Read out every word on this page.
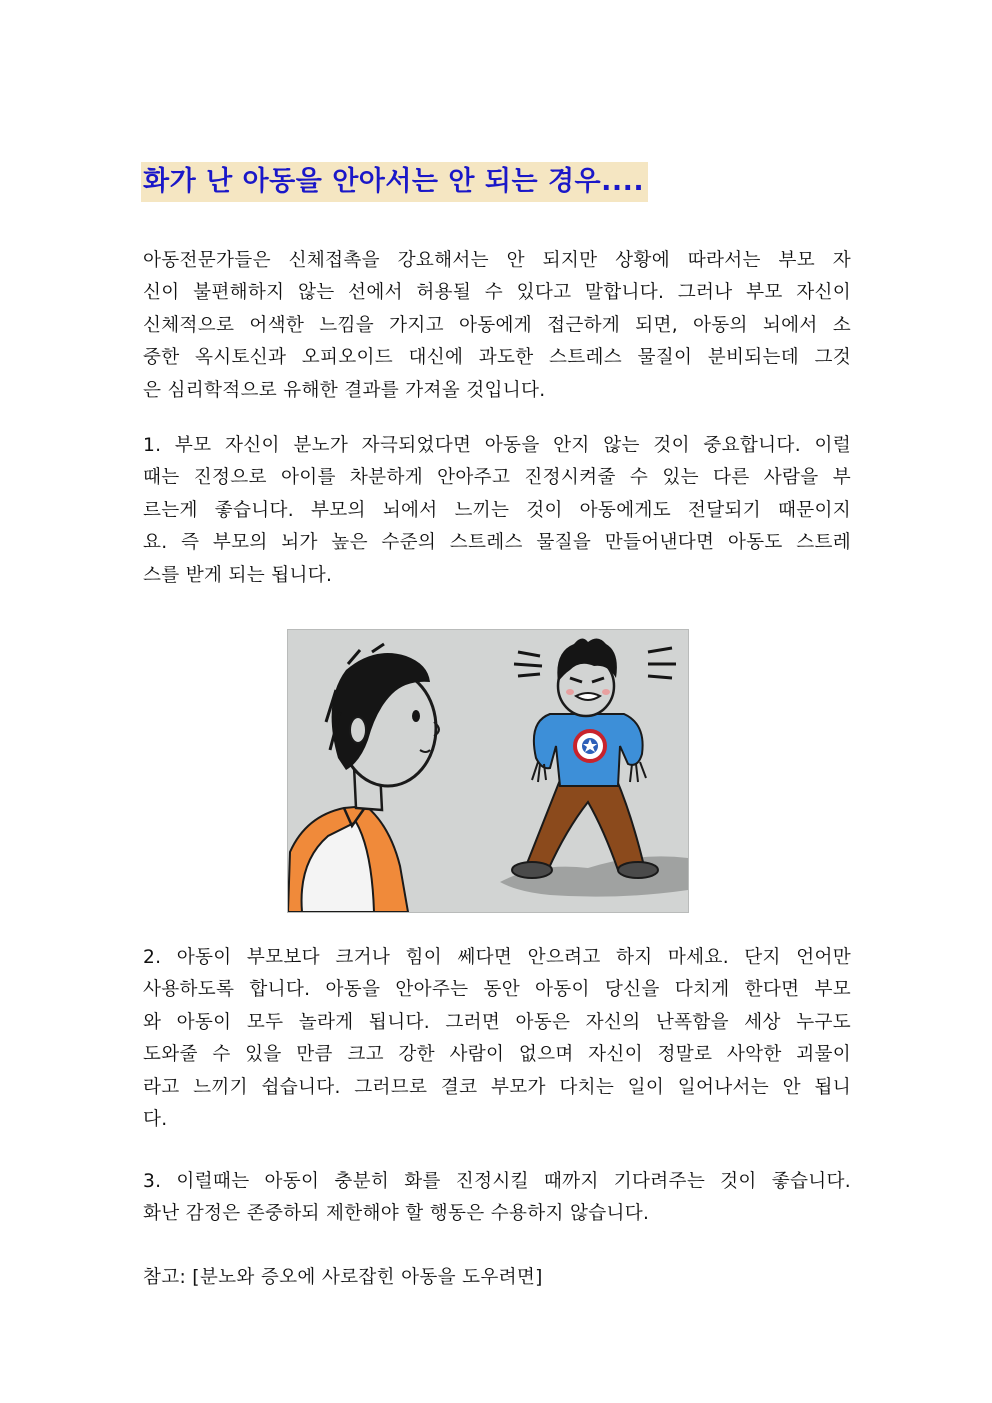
화가 난 아동을 안아서는 안 되는 경우....

아동전문가들은 신체접촉을 강요해서는 안 되지만 상황에 따라서는 부모 자
신이 불편해하지 않는 선에서 허용될 수 있다고 말합니다. 그러나 부모 자신이
신체적으로 어색한 느낌을 가지고 아동에게 접근하게 되면, 아동의 뇌에서 소
중한 옥시토신과 오피오이드 대신에 과도한 스트레스 물질이 분비되는데 그것
은 심리학적으로 유해한 결과를 가져올 것입니다.

1. 부모 자신이 분노가 자극되었다면 아동을 안지 않는 것이 중요합니다. 이럴
때는 진정으로 아이를 차분하게 안아주고 진정시켜줄 수 있는 다른 사람을 부
르는게 좋습니다. 부모의 뇌에서 느끼는 것이 아동에게도 전달되기 때문이지
요. 즉 부모의 뇌가 높은 수준의 스트레스 물질을 만들어낸다면 아동도 스트레
스를 받게 되는 됩니다.

2. 아동이 부모보다 크거나 힘이 쎄다면 안으려고 하지 마세요. 단지 언어만
사용하도록 합니다. 아동을 안아주는 동안 아동이 당신을 다치게 한다면 부모
와 아동이 모두 놀라게 됩니다. 그러면 아동은 자신의 난폭함을 세상 누구도
도와줄 수 있을 만큼 크고 강한 사람이 없으며 자신이 정말로 사악한 괴물이
라고 느끼기 쉽습니다. 그러므로 결코 부모가 다치는 일이 일어나서는 안 됩니
다.

3. 이럴때는 아동이 충분히 화를 진정시킬 때까지 기다려주는 것이 좋습니다.
화난 감정은 존중하되 제한해야 할 행동은 수용하지 않습니다.

참고: [분노와 증오에 사로잡힌 아동을 도우려면]
